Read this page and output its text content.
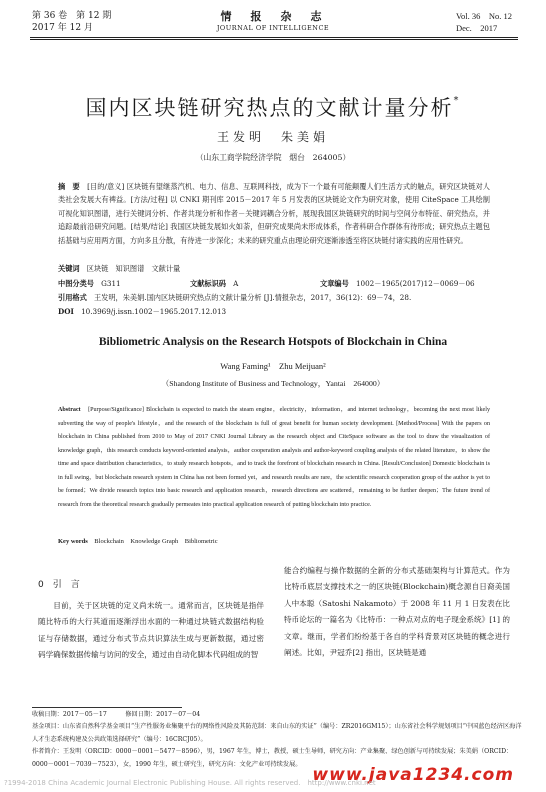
第 36 卷　第 12 期
2017 年 12 月
情　报　杂　志
JOURNAL OF INTELLIGENCE
Vol. 36　No. 12
Dec.　2017
国内区块链研究热点的文献计量分析*
王发明　朱美娟
（山东工商学院经济学院　烟台　264005）
摘　要　 [目的/意义] 区块链有望继蒸汽机、电力、信息、互联网科技，成为下一个最有可能颠覆人们生活方式的触点，研究区块链对人类社会发展大有裨益。[方法/过程] 以 CNKI 期刊库 2015－2017 年 5 月发表的区块链论文作为研究对象，使用 CiteSpace 工具绘制可视化知识图谱，进行关键词分析、作者共现分析和作者－关键词耦合分析，展现我国区块链研究的时间与空间分布特征、研究热点，并追踪最前沿研究问题。[结果/结论] 我国区块链发展如火如荼，但研究成果尚未形成体系，作者科研合作群体有待形成；研究热点主题包括基础与应用两方面，方向多且分散，有待进一步深化；未来的研究重点由理论研究逐渐渗透至将区块链付诸实践的应用性研究。
关键词　 区块链　知识图谱　文献计量
中图分类号　 G311	文献标识码　 A	文章编号　 1002－1965(2017)12－0069－06
引用格式　 王发明，朱美娟.国内区块链研究热点的文献计量分析 [J].情报杂志，2017，36(12)：69－74，28.
DOI　 10.3969/j.issn.1002－1965.2017.12.013
Bibliometric Analysis on the Research Hotspots of Blockchain in China
Wang Faming¹　Zhu Meijuan²
（Shandong Institute of Business and Technology，Yantai　264000）
Abstract　 [Purpose/Significance] Blockchain is expected to match the steam engine，electricity，information，and internet technology，becoming the next most likely subverting the way of people's lifestyle，and the research of the blockchain is full of great benefit for human society development. [Method/Process] With the papers on blockchain in China published from 2010 to May of 2017 CNKI Journal Library as the research object and CiteSpace software as the tool to draw the visualization of knowledge graph，this research conducts keyword-oriented analysis，author cooperation analysis and author-keyword coupling analysis of the related literature，to show the time and space distribution characteristics，to study research hotspots，and to track the forefront of blockchain research in China. [Result/Conclusion] Domestic blockchain is in full swing，but blockchain research system in China has not been formed yet，and research results are rare，the scientific research cooperation group of the author is yet to be formed；We divide research topics into basic research and application research，research directions are scattered，remaining to be further deepen；The future trend of research from the theoretical research gradually permeates into practical application research of putting blockchain into practice.
Key words　 Blockchain　Knowledge Graph　Bibliometric
0　引　言
目前，关于区块链的定义尚未统一。通常而言，区块链是指伴随比特币的大行其道而逐渐浮出水面的一种通过块链式数据结构验证与存储数据，通过分布式节点共识算法生成与更新数据，通过密码学确保数据传输与访问的安全，通过由自动化脚本代码组成的智
能合约编程与操作数据的全新的分布式基础架构与计算范式。作为比特币底层支撑技术之一的区块链(Blockchain)概念源自日裔美国人中本聪（Satoshi Nakamoto）于 2008 年 11 月 1 日发表在比特币论坛的一篇名为《比特币：一种点对点的电子现金系统》[1] 的文章。继而，学者们纷纷基于各自的学科背景对区块链的概念进行阐述。比如，尹冠乔[2] 指出，区块链是通
收稿日期：2017－05－17　　　修回日期：2017－07－04
基金项目：山东省自然科学基金项目“生产性服务业集聚平台的网络性风险及其防范制：来自山东的实证”（编号：ZR2016GM15）；山东省社会科学规划项目“中国蓝色经济区海洋人才生态系统构建及公共政策选择研究”（编号：16CRCJ05）。
作者简介：王发明（ORCID：0000－0001－5477－8596），男，1967 年生，博士，教授，硕士生导师，研究方向：产业集聚、绿色创新与可持续发展；朱美娟（ORCID：0000－0001－7039－7523），女，1990 年生，硕士研究生，研究方向：文化产业可持续发展。
www.java1234.com
?1994-2018 China Academic Journal Electronic Publishing House. All rights reserved.　http://www.cnki.net
